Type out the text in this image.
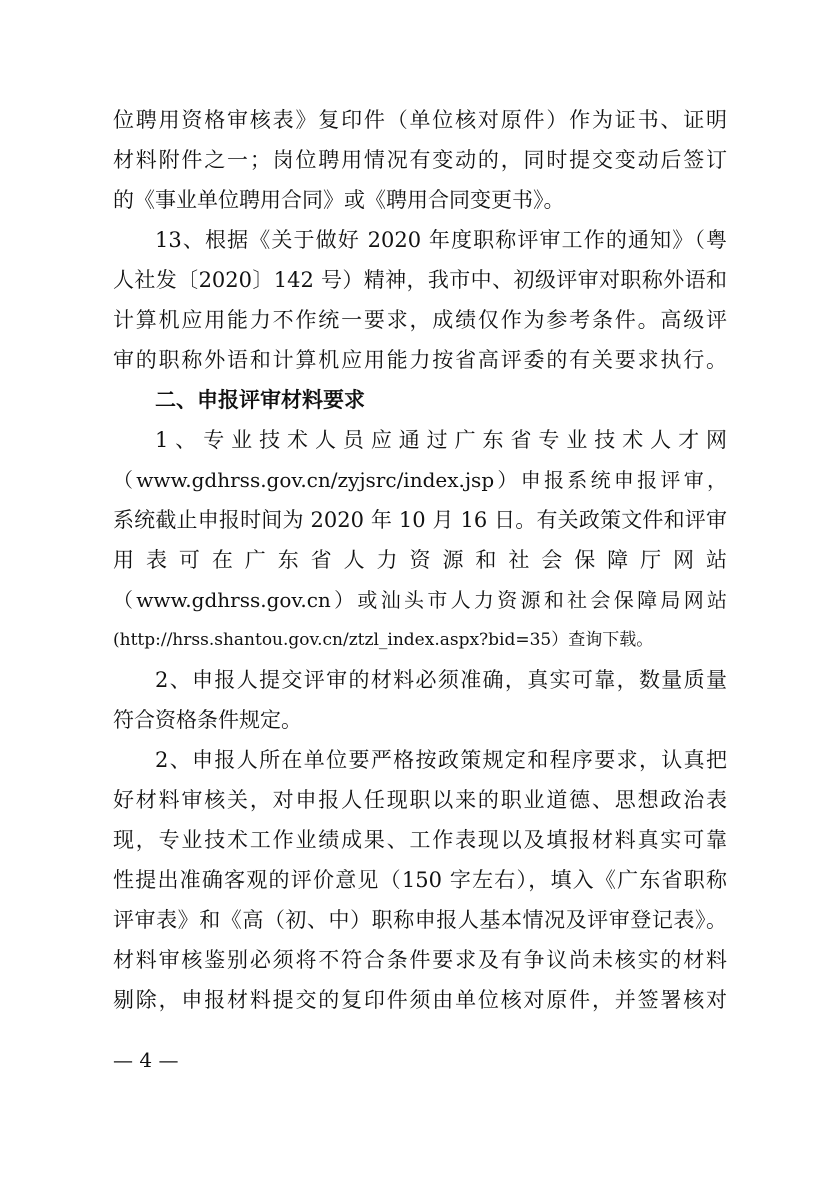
位聘用资格审核表》复印件（单位核对原件）作为证书、证明
材料附件之一；岗位聘用情况有变动的，同时提交变动后签订
的《事业单位聘用合同》或《聘用合同变更书》。
13、根据《关于做好 2020 年度职称评审工作的通知》（粤
人社发〔2020〕142 号）精神，我市中、初级评审对职称外语和
计算机应用能力不作统一要求，成绩仅作为参考条件。高级评
审的职称外语和计算机应用能力按省高评委的有关要求执行。
二、申报评审材料要求
1、专业技术人员应通过广东省专业技术人才网
（www.gdhrss.gov.cn/zyjsrc/index.jsp）申报系统申报评审，
系统截止申报时间为 2020 年 10 月 16 日。有关政策文件和评审
用表可在广东省人力资源和社会保障厅网站
（www.gdhrss.gov.cn）或汕头市人力资源和社会保障局网站
(http://hrss.shantou.gov.cn/ztzl_index.aspx?bid=35）查询下载。
2、申报人提交评审的材料必须准确，真实可靠，数量质量
符合资格条件规定。
2、申报人所在单位要严格按政策规定和程序要求，认真把
好材料审核关，对申报人任现职以来的职业道德、思想政治表
现，专业技术工作业绩成果、工作表现以及填报材料真实可靠
性提出准确客观的评价意见（150 字左右），填入《广东省职称
评审表》和《高（初、中）职称申报人基本情况及评审登记表》。
材料审核鉴别必须将不符合条件要求及有争议尚未核实的材料
剔除，申报材料提交的复印件须由单位核对原件，并签署核对
— 4 —
